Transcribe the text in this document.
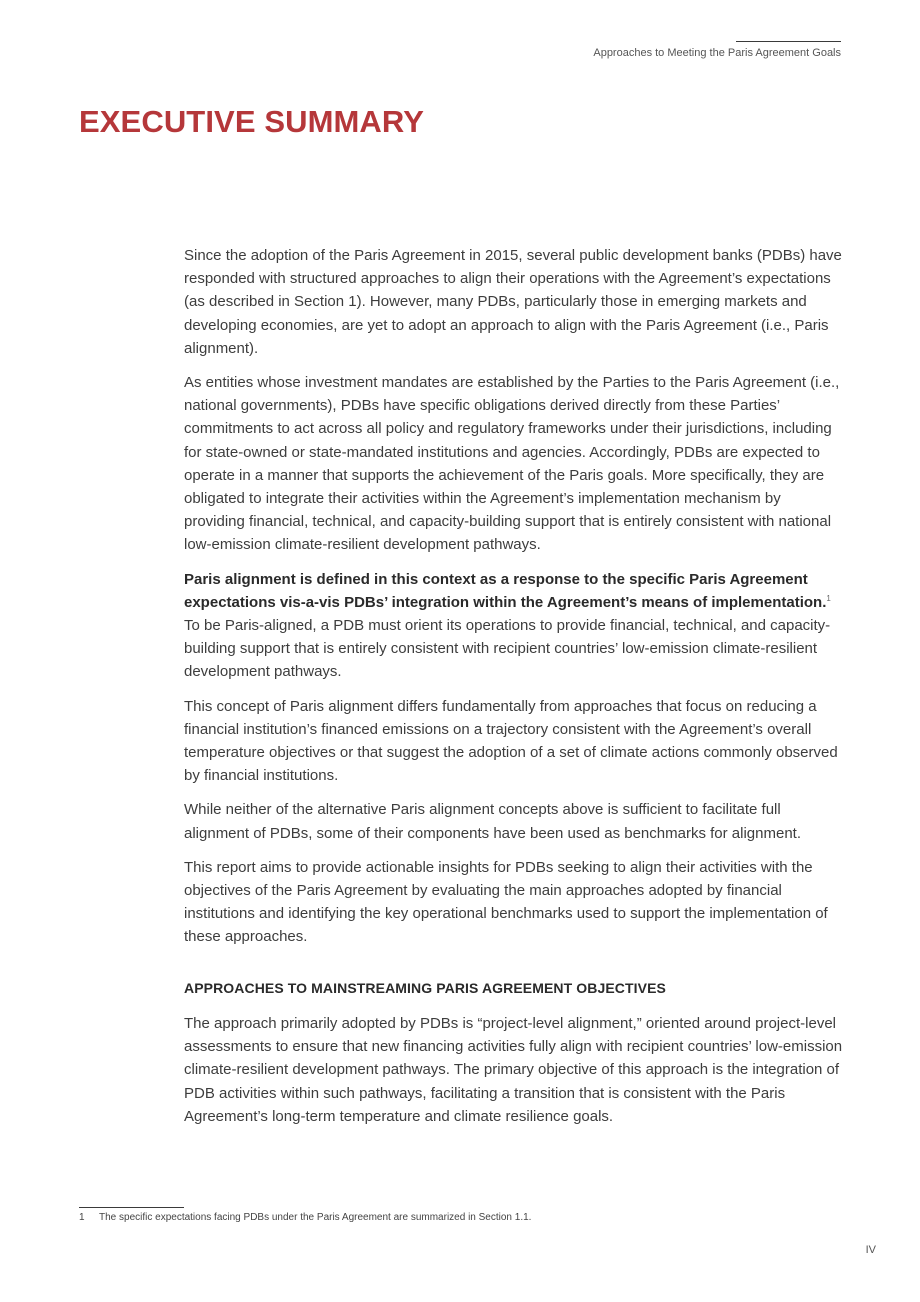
Approaches to Meeting the Paris Agreement Goals
EXECUTIVE SUMMARY

Since the adoption of the Paris Agreement in 2015, several public development banks (PDBs) have responded with structured approaches to align their operations with the Agreement’s expectations (as described in Section 1). However, many PDBs, particularly those in emerging markets and developing economies, are yet to adopt an approach to align with the Paris Agreement (i.e., Paris alignment).

As entities whose investment mandates are established by the Parties to the Paris Agreement (i.e., national governments), PDBs have specific obligations derived directly from these Parties’ commitments to act across all policy and regulatory frameworks under their jurisdictions, including for state-owned or state-mandated institutions and agencies. Accordingly, PDBs are expected to operate in a manner that supports the achievement of the Paris goals. More specifically, they are obligated to integrate their activities within the Agreement’s implementation mechanism by providing financial, technical, and capacity-building support that is entirely consistent with national low-emission climate-resilient development pathways.

Paris alignment is defined in this context as a response to the specific Paris Agreement expectations vis-a-vis PDBs’ integration within the Agreement’s means of implementation.$^1$ To be Paris-aligned, a PDB must orient its operations to provide financial, technical, and capacity-building support that is entirely consistent with recipient countries’ low-emission climate-resilient development pathways.

This concept of Paris alignment differs fundamentally from approaches that focus on reducing a financial institution’s financed emissions on a trajectory consistent with the Agreement’s overall temperature objectives or that suggest the adoption of a set of climate actions commonly observed by financial institutions.

While neither of the alternative Paris alignment concepts above is sufficient to facilitate full alignment of PDBs, some of their components have been used as benchmarks for alignment.

This report aims to provide actionable insights for PDBs seeking to align their activities with the objectives of the Paris Agreement by evaluating the main approaches adopted by financial institutions and identifying the key operational benchmarks used to support the implementation of these approaches.

APPROACHES TO MAINSTREAMING PARIS AGREEMENT OBJECTIVES

The approach primarily adopted by PDBs is “project-level alignment,” oriented around project-level assessments to ensure that new financing activities fully align with recipient countries’ low-emission climate-resilient development pathways. The primary objective of this approach is the integration of PDB activities within such pathways, facilitating a transition that is consistent with the Paris Agreement’s long-term temperature and climate resilience goals.

1 The specific expectations facing PDBs under the Paris Agreement are summarized in Section 1.1.
IV
